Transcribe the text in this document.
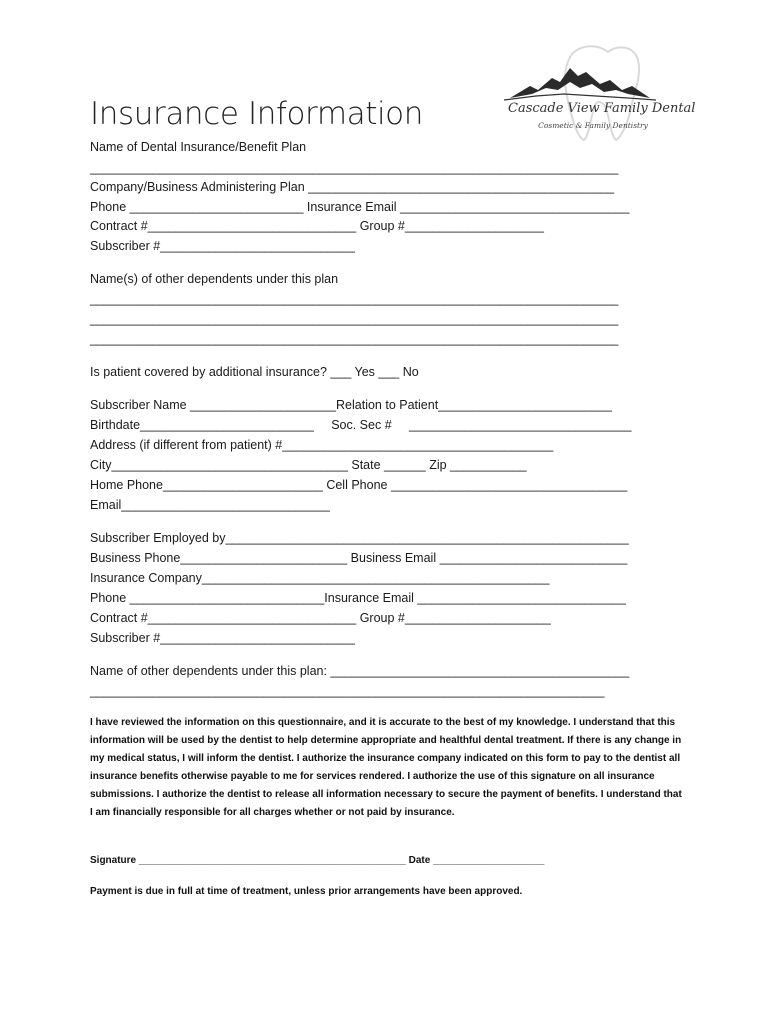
Insurance Information	Cascade View Family Dental
Cosmetic & Family Dentistry
Name of Dental Insurance/Benefit Plan
____________________________________________________________________________
Company/Business Administering Plan ____________________________________________
Phone _________________________ Insurance Email _________________________________
Contract #______________________________ Group #____________________
Subscriber #____________________________
Name(s) of other dependents under this plan
____________________________________________________________________________
____________________________________________________________________________
____________________________________________________________________________
Is patient covered by additional insurance? ___ Yes ___ No
Subscriber Name _____________________Relation to Patient_________________________
Birthdate_________________________     Soc. Sec #     ________________________________
Address (if different from patient) #_______________________________________
City__________________________________ State ______ Zip ___________
Home Phone_______________________ Cell Phone __________________________________
Email______________________________
Subscriber Employed by__________________________________________________________
Business Phone________________________ Business Email ___________________________
Insurance Company__________________________________________________
Phone ____________________________Insurance Email ______________________________
Contract #______________________________ Group #_____________________
Subscriber #____________________________
Name of other dependents under this plan: ___________________________________________
__________________________________________________________________________

I have reviewed the information on this questionnaire, and it is accurate to the best of my knowledge. I understand that this information will be used by the dentist to help determine appropriate and healthful dental treatment. If there is any change in my medical status, I will inform the dentist. I authorize the insurance company indicated on this form to pay to the dentist all insurance benefits otherwise payable to me for services rendered. I authorize the use of this signature on all insurance submissions. I authorize the dentist to release all information necessary to secure the payment of benefits. I understand that I am financially responsible for all charges whether or not paid by insurance.

Signature ________________________________________________ Date ____________________
Payment is due in full at time of treatment, unless prior arrangements have been approved.
